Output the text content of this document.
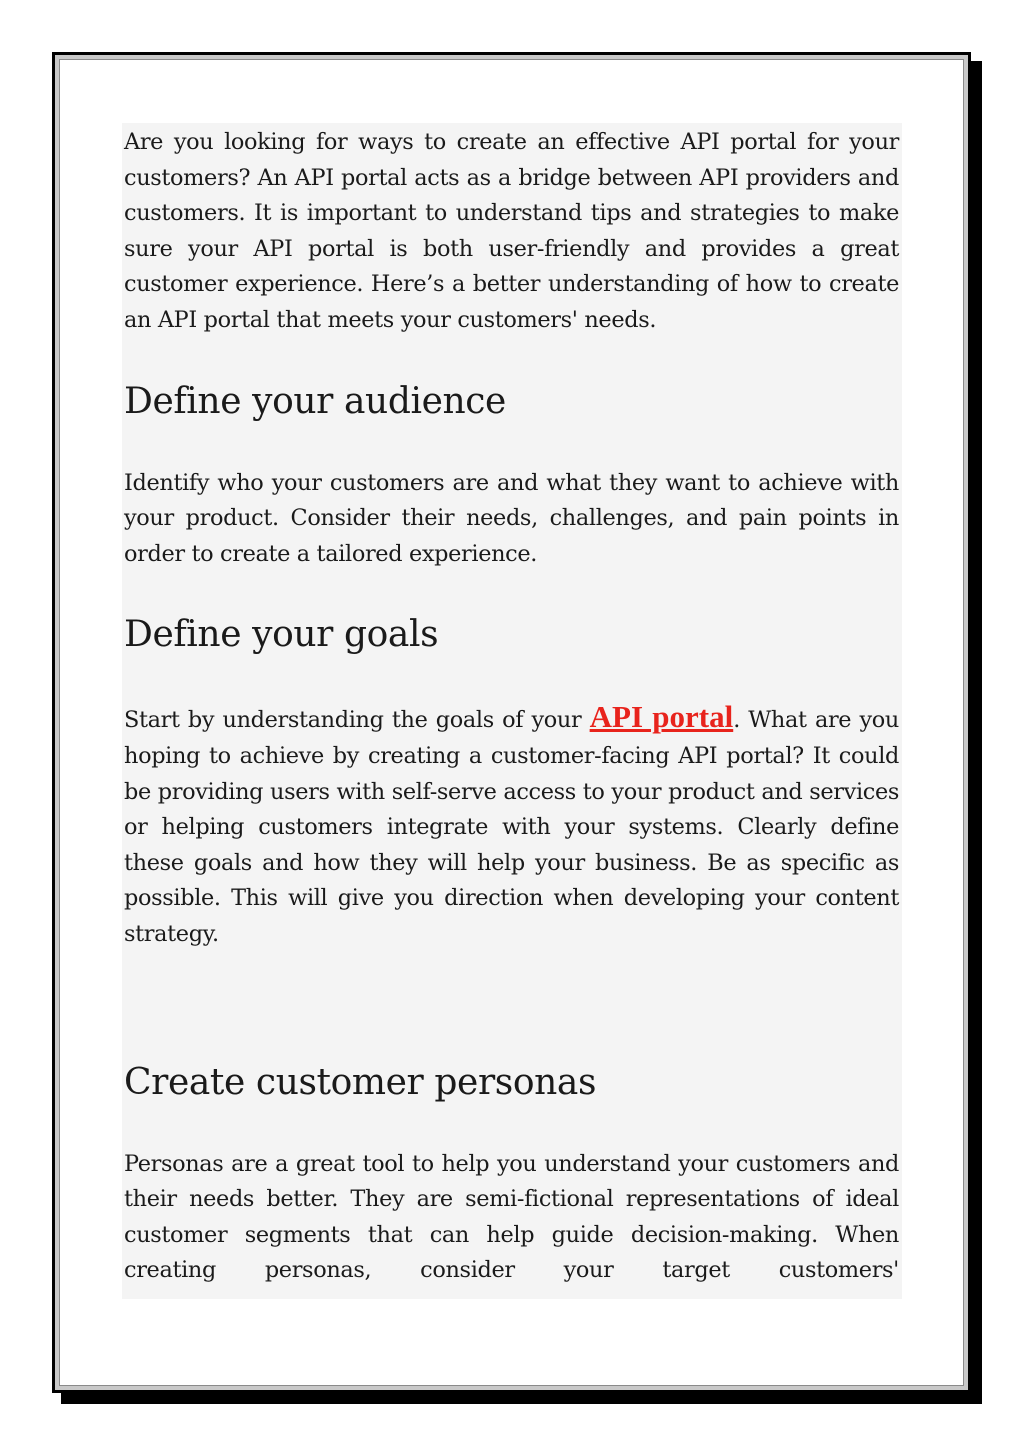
Are you looking for ways to create an effective API portal for your customers? An API portal acts as a bridge between API providers and customers. It is important to understand tips and strategies to make sure your API portal is both user-friendly and provides a great customer experience. Here’s a better understanding of how to create an API portal that meets your customers' needs.

Define your audience

Identify who your customers are and what they want to achieve with your product. Consider their needs, challenges, and pain points in order to create a tailored experience.

Define your goals

Start by understanding the goals of your API portal. What are you hoping to achieve by creating a customer-facing API portal? It could be providing users with self-serve access to your product and services or helping customers integrate with your systems. Clearly define these goals and how they will help your business. Be as specific as possible. This will give you direction when developing your content strategy.

Create customer personas

Personas are a great tool to help you understand your customers and their needs better. They are semi-fictional representations of ideal customer segments that can help guide decision-making. When creating personas, consider your target customers'
